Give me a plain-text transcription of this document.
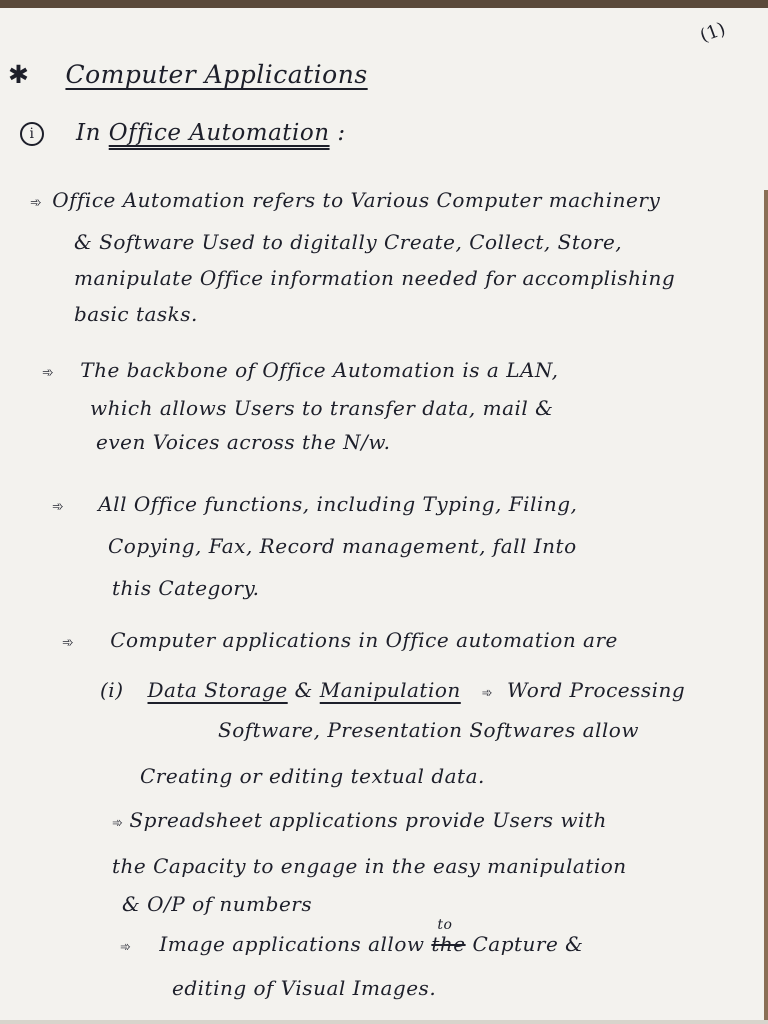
(1)
✱ Computer Applications
i In Office Automation :
➾ Office Automation refers to Various Computer machinery
& Software Used to digitally Create, Collect, Store,
manipulate Office information needed for accomplishing
basic tasks.
➾ The backbone of Office Automation is a LAN,
which allows Users to transfer data, mail &
even Voices across the N/w.
➾ All Office functions, including Typing, Filing,
Copying, Fax, Record management, fall Into
this Category.
➾ Computer applications in Office automation are
(i) Data Storage & Manipulation ➾ Word Processing
Software, Presentation Softwares allow
Creating or editing textual data.
➾ Spreadsheet applications provide Users with
the Capacity to engage in the easy manipulation
& O/P of numbers
➾ Image applications allow the
to
Capture &
editing of Visual Images.
